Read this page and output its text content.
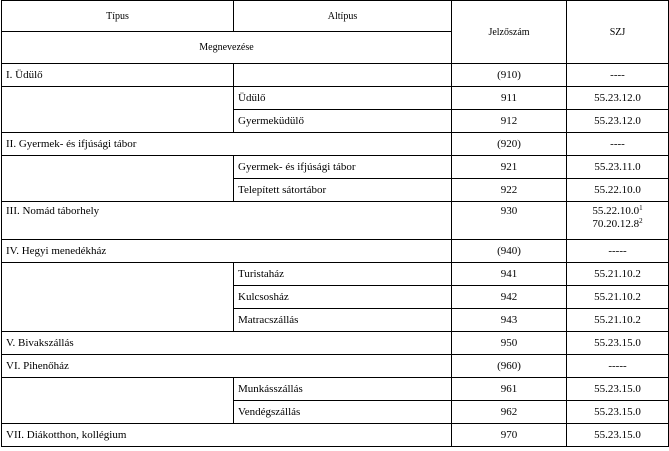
Típus	Altípus	Jelzőszám	SZJ
Megnevezése			
I. Üdülő		(910)	----
	Üdülő	911	55.23.12.0
	Gyermeküdülő	912	55.23.12.0
II. Gyermek- és ifjúsági tábor		(920)	----
	Gyermek- és ifjúsági tábor	921	55.23.11.0
	Telepített sátortábor	922	55.22.10.0
III. Nomád táborhely		930	55.22.10.0$^1$
70.20.12.8$^2$

IV. Hegyi menedékház		(940)	-----
	Turistaház	941	55.21.10.2
	Kulcsosház	942	55.21.10.2
	Matracszállás	943	55.21.10.2
V. Bivakszállás		950	55.23.15.0
VI. Pihenőház		(960)	-----
	Munkásszállás	961	55.23.15.0
	Vendégszállás	962	55.23.15.0
VII. Diákotthon, kollégium		970	55.23.15.0
